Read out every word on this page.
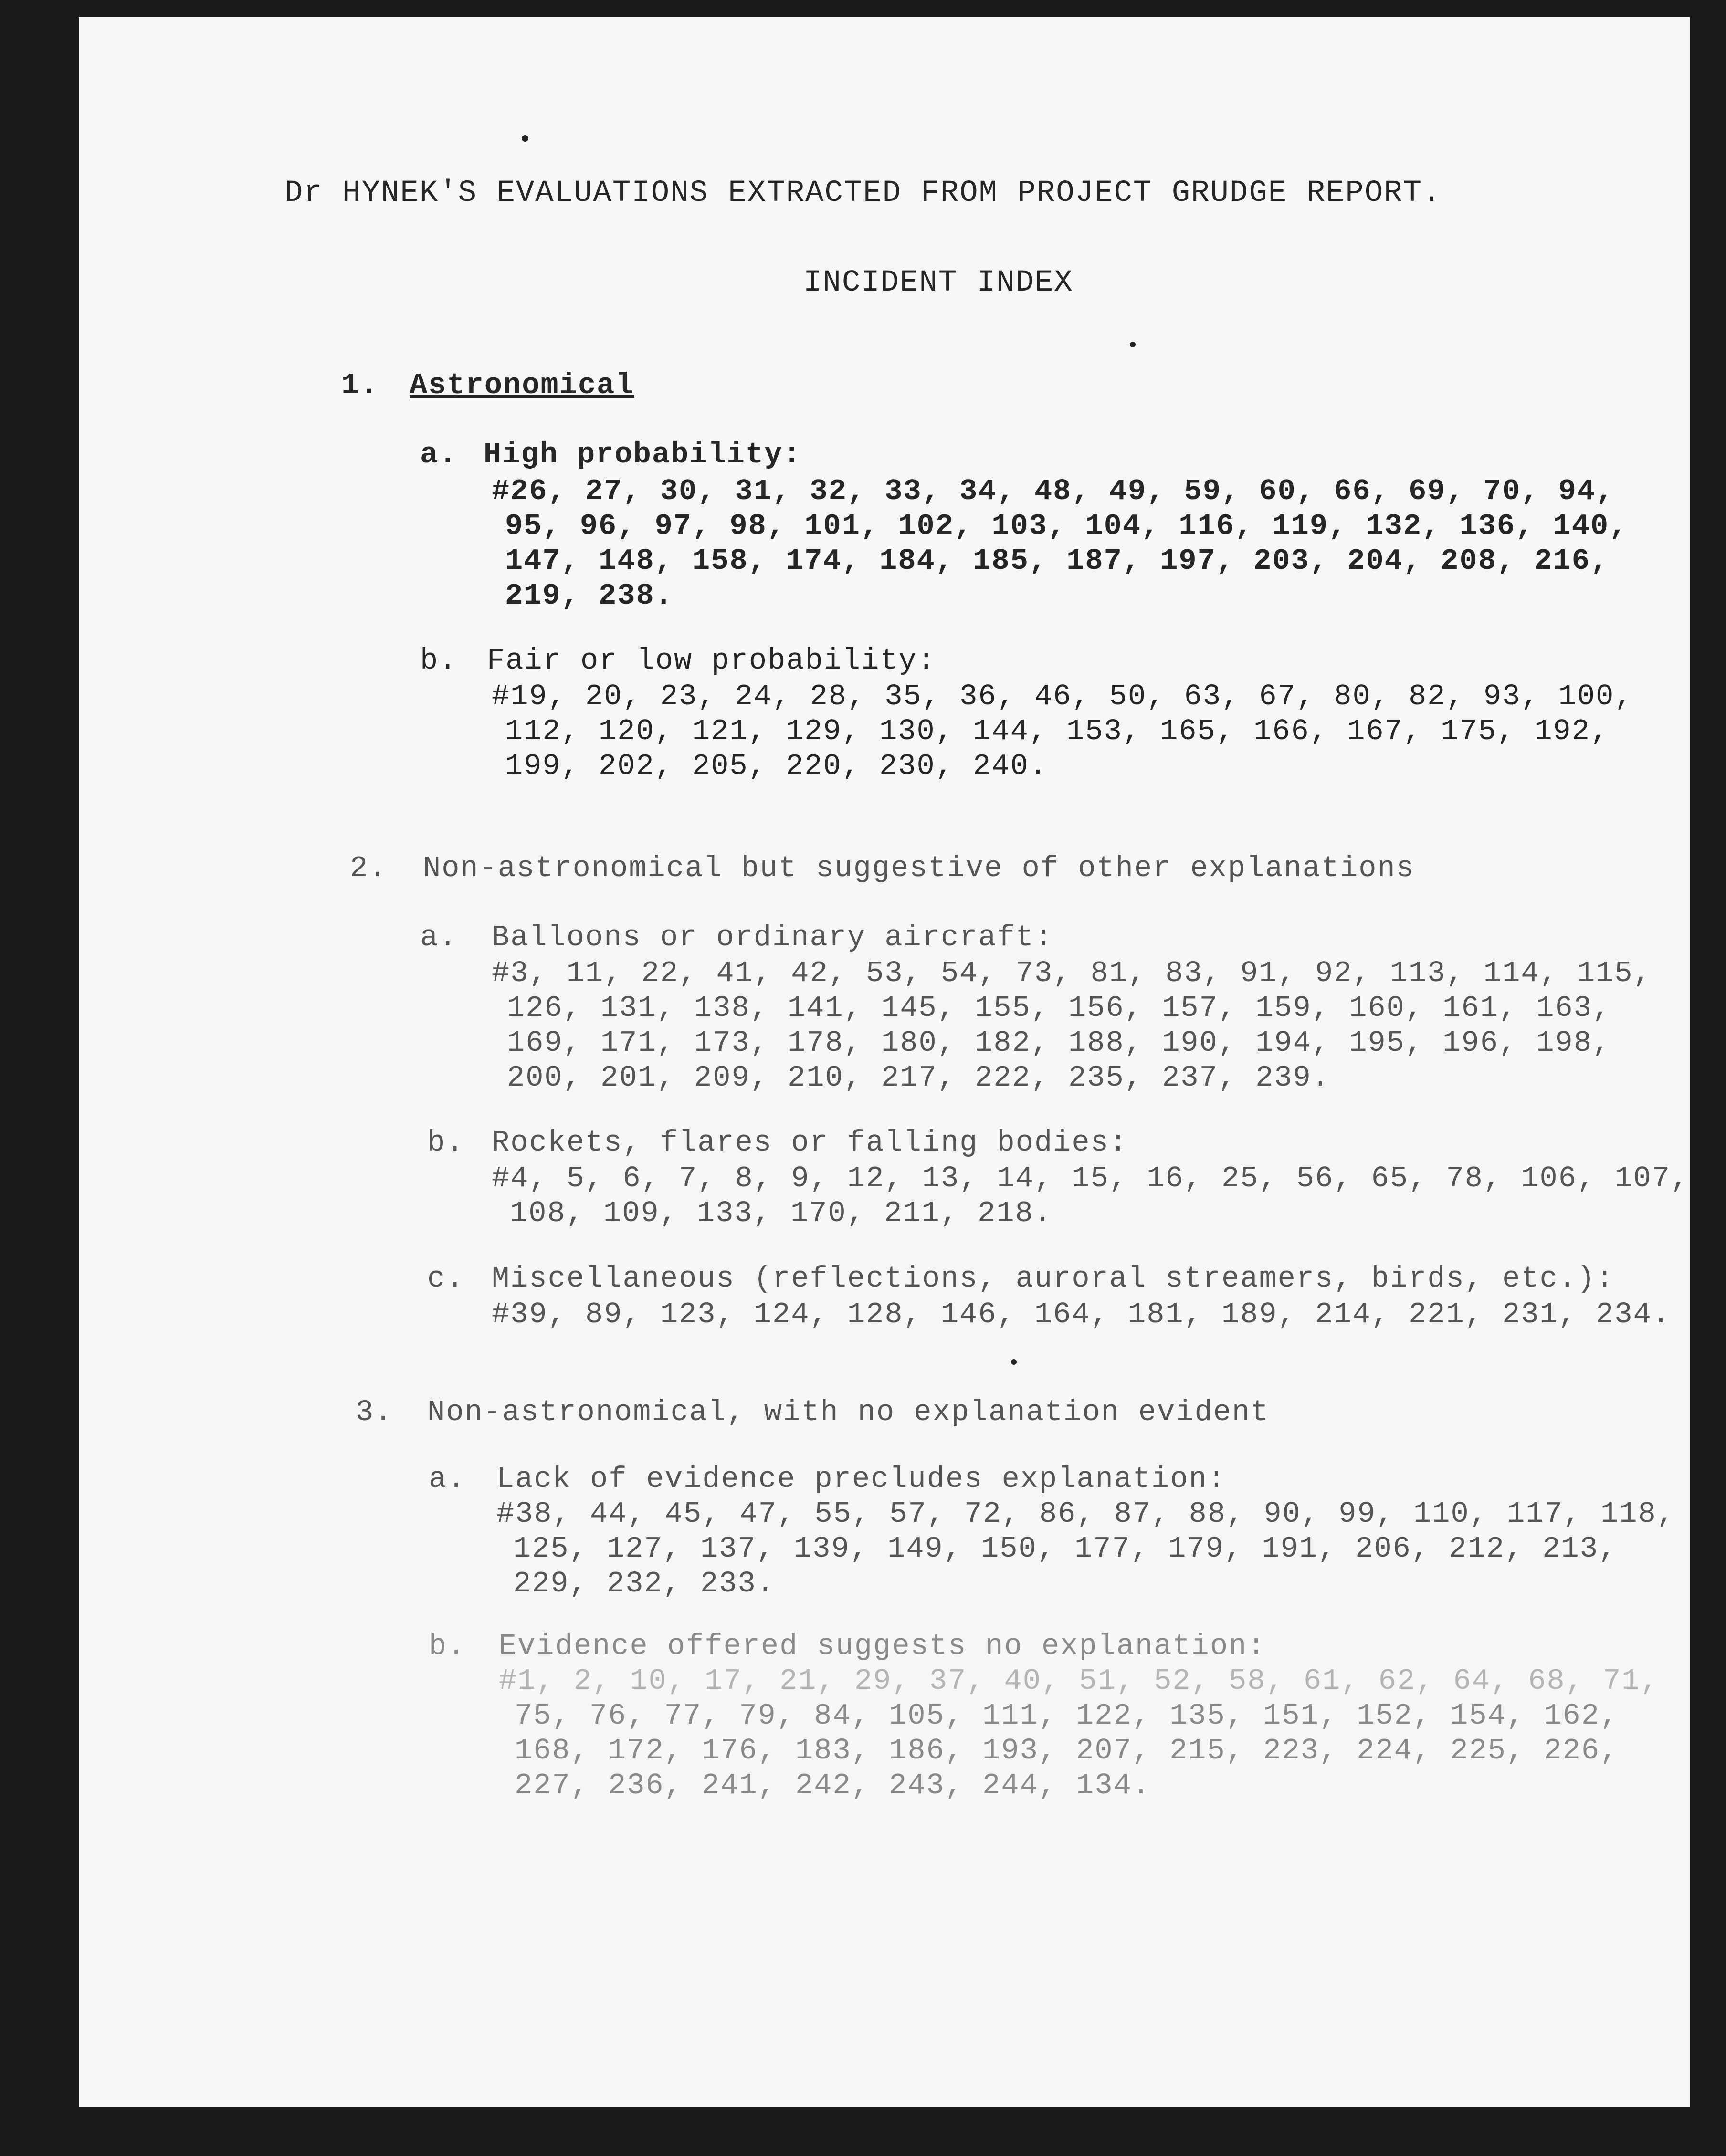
Dr HYNEK'S EVALUATIONS EXTRACTED FROM PROJECT GRUDGE REPORT.
INCIDENT INDEX
1. Astronomical
a. High probability:
#26, 27, 30, 31, 32, 33, 34, 48, 49, 59, 60, 66, 69, 70, 94,
95, 96, 97, 98, 101, 102, 103, 104, 116, 119, 132, 136, 140,
147, 148, 158, 174, 184, 185, 187, 197, 203, 204, 208, 216,
219, 238.
b. Fair or low probability:
#19, 20, 23, 24, 28, 35, 36, 46, 50, 63, 67, 80, 82, 93, 100,
112, 120, 121, 129, 130, 144, 153, 165, 166, 167, 175, 192,
199, 202, 205, 220, 230, 240.
2. Non-astronomical but suggestive of other explanations
a. Balloons or ordinary aircraft:
#3, 11, 22, 41, 42, 53, 54, 73, 81, 83, 91, 92, 113, 114, 115,
126, 131, 138, 141, 145, 155, 156, 157, 159, 160, 161, 163,
169, 171, 173, 178, 180, 182, 188, 190, 194, 195, 196, 198,
200, 201, 209, 210, 217, 222, 235, 237, 239.
b. Rockets, flares or falling bodies:
#4, 5, 6, 7, 8, 9, 12, 13, 14, 15, 16, 25, 56, 65, 78, 106, 107,
108, 109, 133, 170, 211, 218.
c. Miscellaneous (reflections, auroral streamers, birds, etc.):
#39, 89, 123, 124, 128, 146, 164, 181, 189, 214, 221, 231, 234.
3. Non-astronomical, with no explanation evident
a. Lack of evidence precludes explanation:
#38, 44, 45, 47, 55, 57, 72, 86, 87, 88, 90, 99, 110, 117, 118,
125, 127, 137, 139, 149, 150, 177, 179, 191, 206, 212, 213,
229, 232, 233.
b. Evidence offered suggests no explanation:
#1, 2, 10, 17, 21, 29, 37, 40, 51, 52, 58, 61, 62, 64, 68, 71,
75, 76, 77, 79, 84, 105, 111, 122, 135, 151, 152, 154, 162,
168, 172, 176, 183, 186, 193, 207, 215, 223, 224, 225, 226,
227, 236, 241, 242, 243, 244, 134.
